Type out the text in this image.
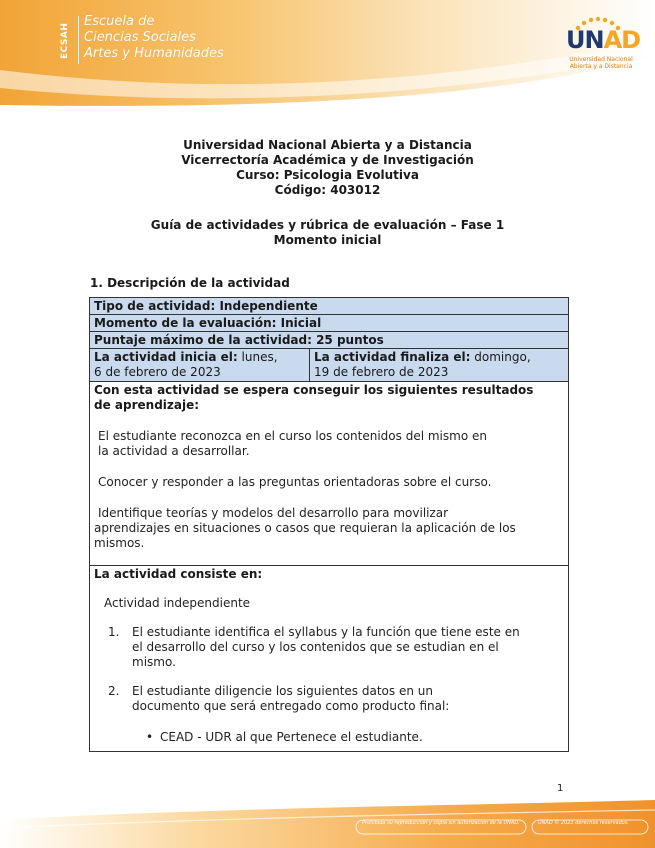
ECSAH
Escuela de
Ciencias Sociales
Artes y Humanidades	UNAD
Universidad Nacional
Abierta y a Distancia
Universidad Nacional Abierta y a Distancia
Vicerrectoría Académica y de Investigación
Curso: Psicologia Evolutiva
Código: 403012
Guía de actividades y rúbrica de evaluación – Fase 1
Momento inicial
1. Descripción de la actividad
Tipo de actividad: Independiente
Momento de la evaluación: Inicial
Puntaje máximo de la actividad: 25 puntos
La actividad inicia el: lunes,
6 de febrero de 2023
La actividad finaliza el: domingo,
19 de febrero de 2023

Con esta actividad se espera conseguir los siguientes resultados

de aprendizaje:

El estudiante reconozca en el curso los contenidos del mismo en

la actividad a desarrollar.

Conocer y responder a las preguntas orientadoras sobre el curso.

Identifique teorías y modelos del desarrollo para movilizar

aprendizajes en situaciones o casos que requieran la aplicación de los

mismos.

La actividad consiste en:

Actividad independiente

1.	El estudiante identifica el syllabus y la función que tiene este en
el desarrollo del curso y los contenidos que se estudian en el
mismo.
2.	El estudiante diligencie los siguientes datos en un
documento que será entregado como producto final:
• CEAD - UDR al que Pertenece el estudiante.
1
Prohibida su reproducción y copia sin autorización de la UNAD.	UNAD © 2023 derechos reservados.
